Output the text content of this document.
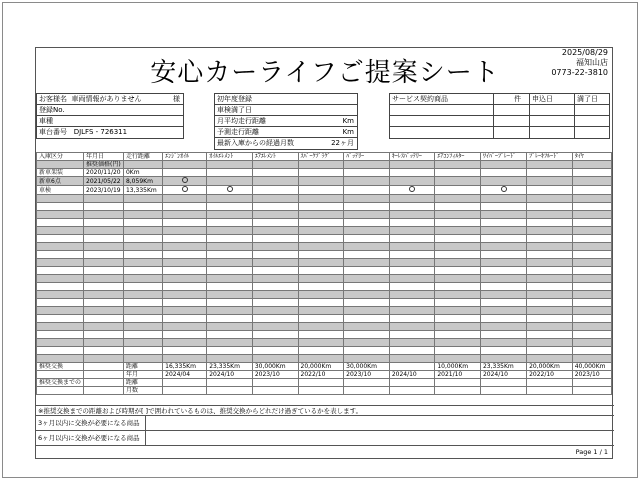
安心カーライフご提案シート
2025/08/29
福知山店
0773-22-3810
お客様名 車両情報がありません	様
登録No.
車種
車台番号 DJLFS - 726311
初年度登録
車検満了日
月平均走行距離	Km
予測走行距離	Km
最新入庫からの経過月数	22ヶ月
サービス契約商品	件	申込日	満了日
入庫区分	年月日	走行距離	ｴﾝｼﾞﾝｵｲﾙ	ｵｲﾙｴﾚﾒﾝﾄ	ｴｱｴﾚﾒﾝﾄ	ｽﾊﾟｰｸﾌﾟﾗｸﾞ	ﾊﾞｯﾃﾘｰ	ｷｰﾚｽﾊﾞｯﾃﾘｰ	ｴｱｺﾝﾌｨﾙﾀｰ	ﾜｲﾊﾟｰﾌﾞﾚｰﾄﾞ	ﾌﾞﾚｰｷﾌﾙｰﾄﾞ	ﾀｲﾔ
	推奨価格(円)											
新車架装	2020/11/20	0Km										
新車6点	2021/05/22	8,059Km										
車検	2023/10/19	13,335Km										

推奨交換		距離	16,335Km	23,335Km	30,000Km	20,000Km	30,000Km		10,000Km	23,335Km	20,000Km	40,000Km
		年月	2024/04	2024/10	2023/10	2022/10	2023/10	2024/10	2021/10	2024/10	2022/10	2023/10
推奨交換までの		距離										
		月数										
※推奨交換までの距離および時期が[ ]で囲われているものは、推奨交換からどれだけ過ぎているかを表します。
3ヶ月以内に交換が必要になる商品
6ヶ月以内に交換が必要になる商品
Page 1 / 1
